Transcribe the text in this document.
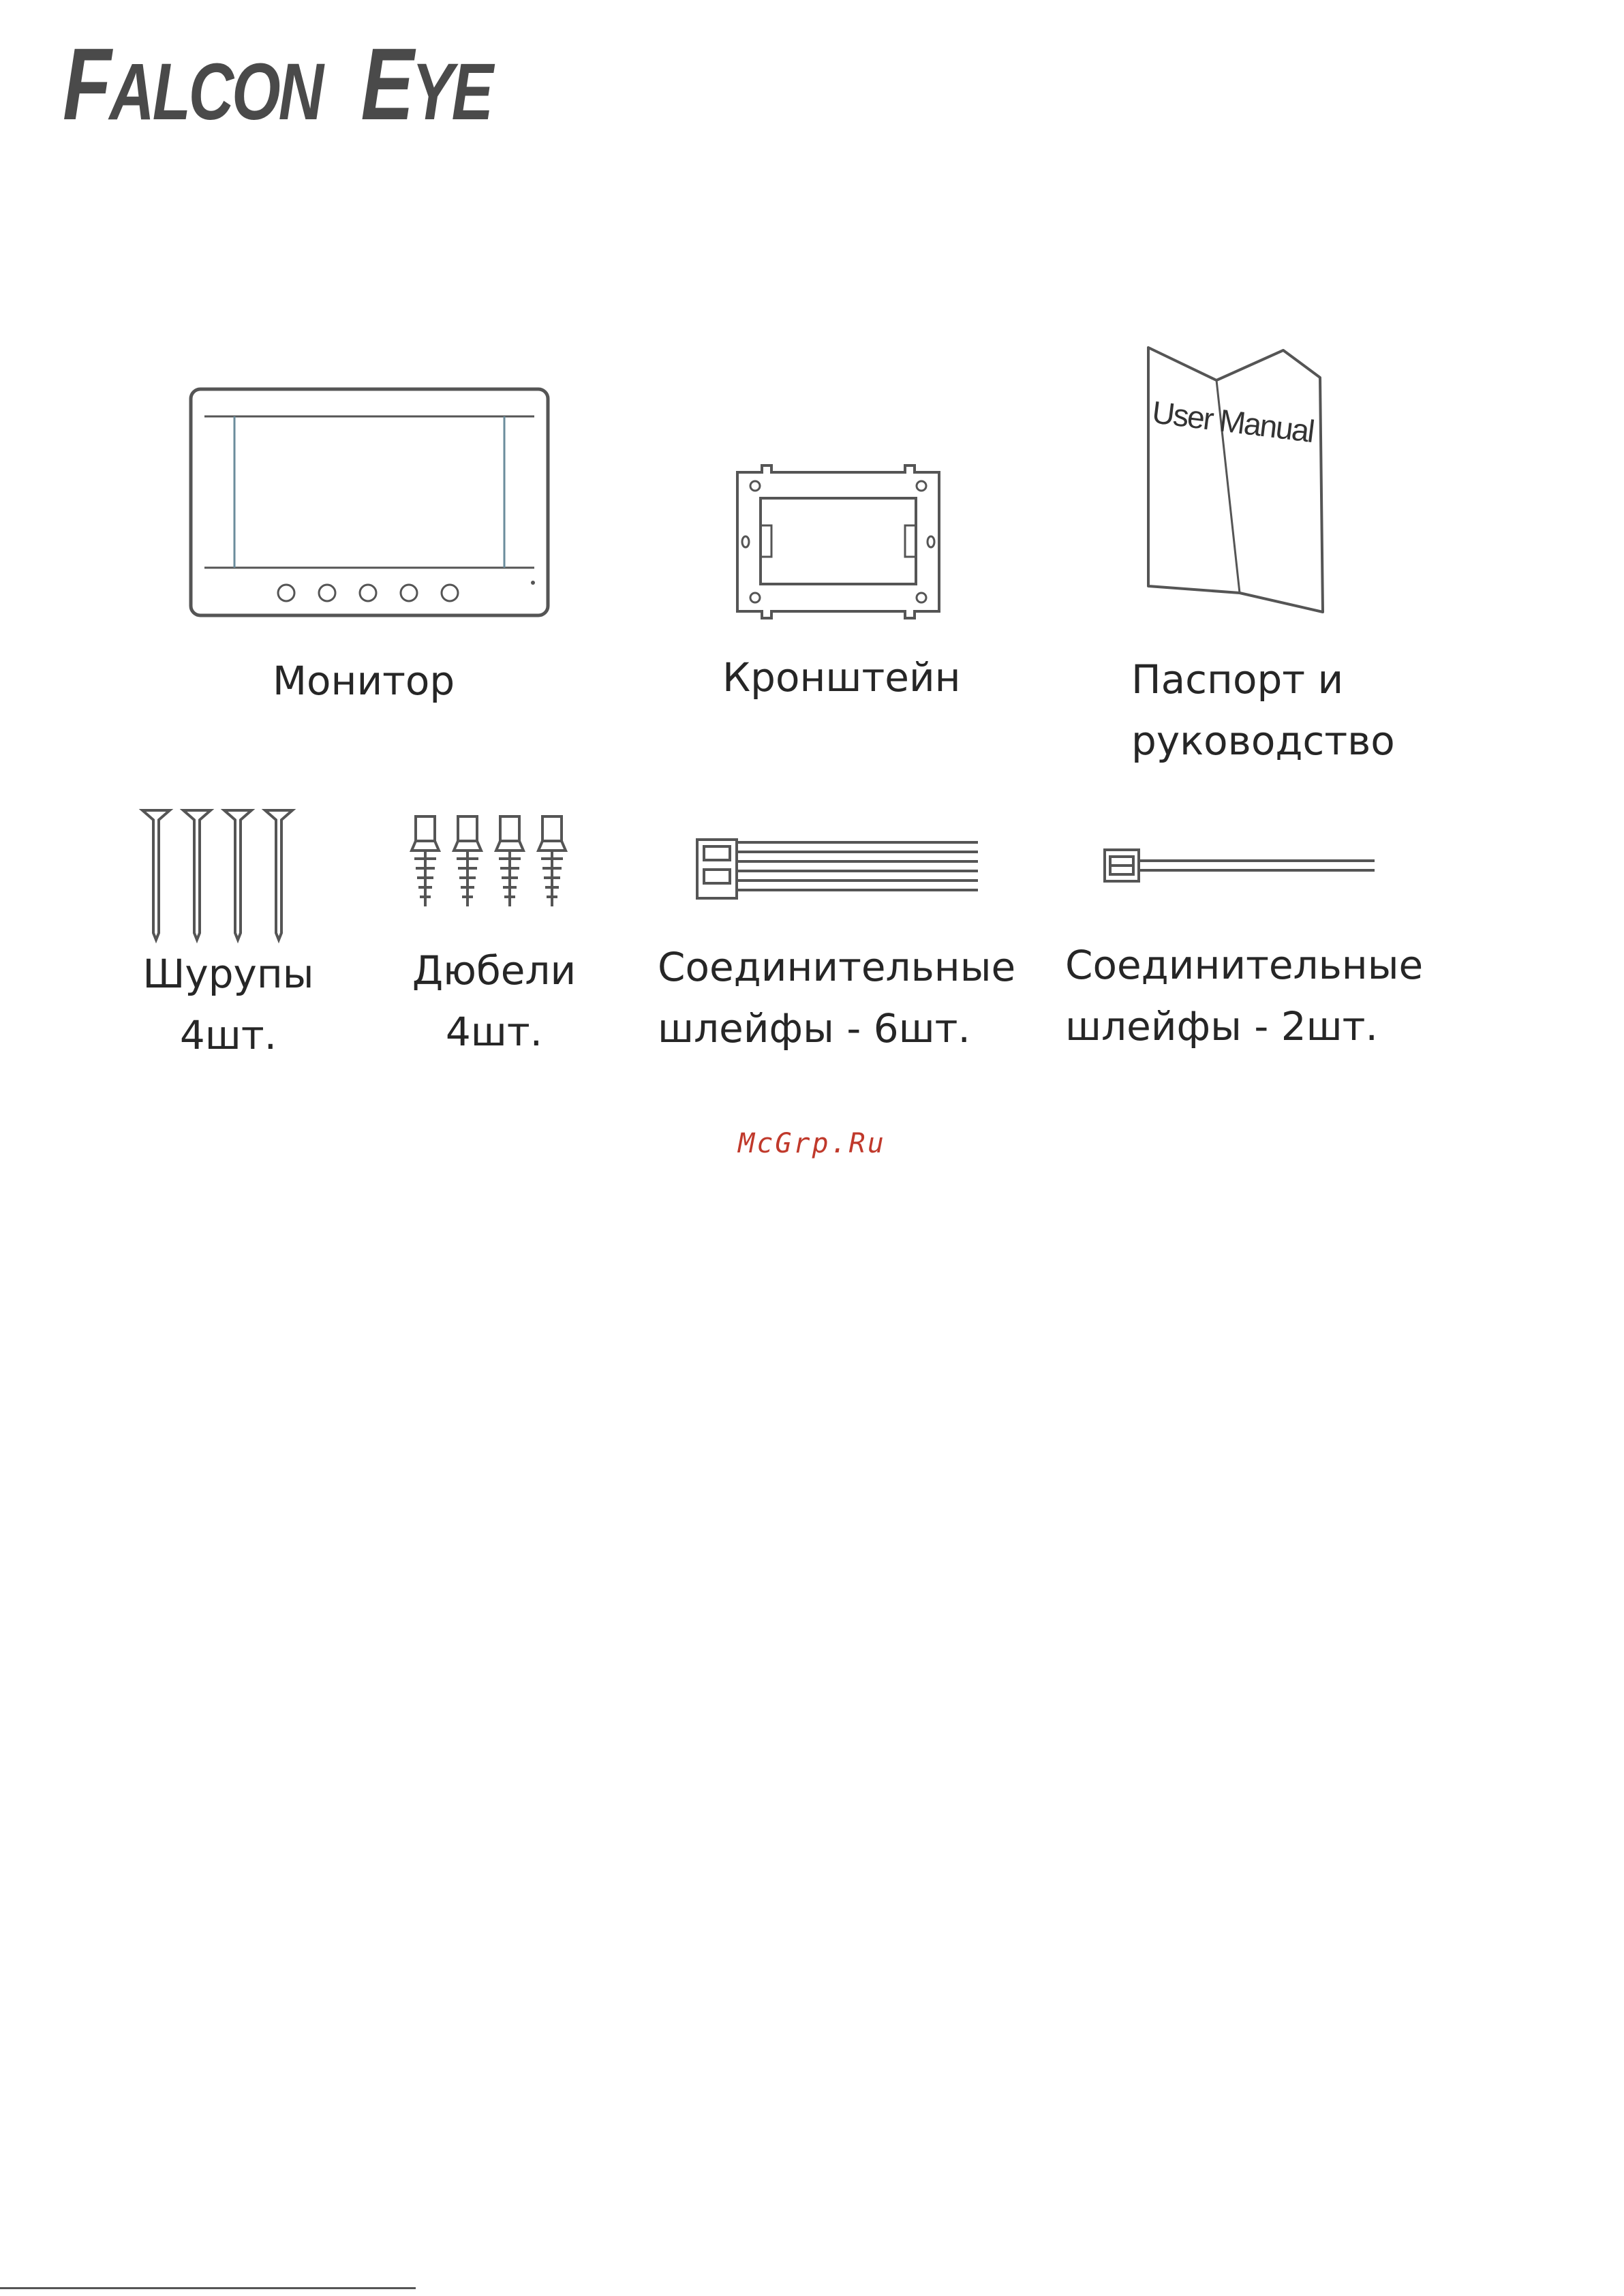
FALCON EYE
Монитор	Кронштейн
User Manual
Паспорт и
руководство
Шурупы
4шт.
Дюбели
4шт.
Соединительные
шлейфы - 6шт.
Соединительные
шлейфы - 2шт.
McGrp.Ru
